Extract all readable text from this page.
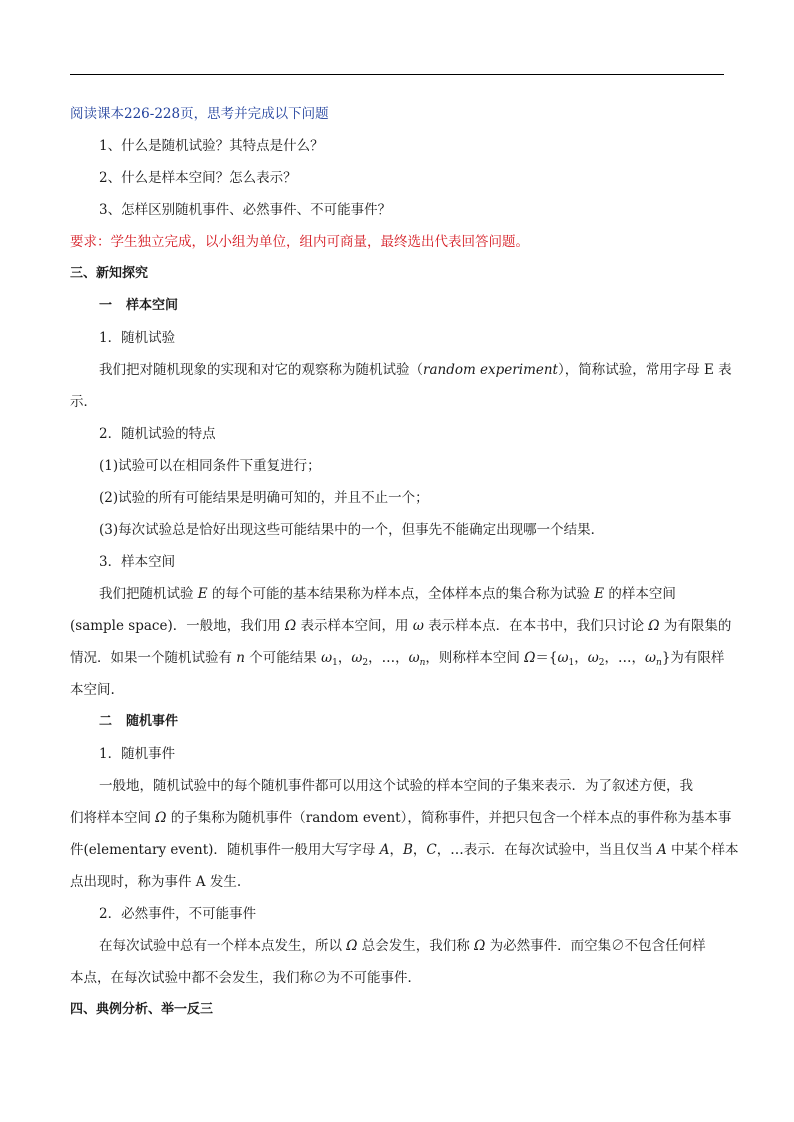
阅读课本226-228页，思考并完成以下问题
1、什么是随机试验？其特点是什么？
2、什么是样本空间？怎么表示？
3、怎样区别随机事件、必然事件、不可能事件？
要求：学生独立完成，以小组为单位，组内可商量，最终选出代表回答问题。
三、新知探究
一 样本空间
1．随机试验
我们把对随机现象的实现和对它的观察称为随机试验（random experiment），简称试验，常用字母 E 表
示．
2．随机试验的特点
(1)试验可以在相同条件下重复进行；
(2)试验的所有可能结果是明确可知的，并且不止一个；
(3)每次试验总是恰好出现这些可能结果中的一个，但事先不能确定出现哪一个结果．
3．样本空间
我们把随机试验 E 的每个可能的基本结果称为样本点，全体样本点的集合称为试验 E 的样本空间
(sample space)．一般地，我们用 Ω 表示样本空间，用 ω 表示样本点．在本书中，我们只讨论 Ω 为有限集的
情况．如果一个随机试验有 n 个可能结果 $\omega_1$，$\omega_2$，…，$\omega_n$，则称样本空间 $\Omega=\{\omega_1$，$\omega_2$，…，$\omega_n$}为有限样
本空间.
二 随机事件
1．随机事件
一般地，随机试验中的每个随机事件都可以用这个试验的样本空间的子集来表示．为了叙述方便，我
们将样本空间 Ω 的子集称为随机事件（random event），简称事件，并把只包含一个样本点的事件称为基本事
件(elementary event)．随机事件一般用大写字母 A，B，C，…表示．在每次试验中，当且仅当 A 中某个样本
点出现时，称为事件 A 发生.
2．必然事件，不可能事件
在每次试验中总有一个样本点发生，所以 Ω 总会发生，我们称 Ω 为必然事件．而空集∅不包含任何样
本点，在每次试验中都不会发生，我们称∅为不可能事件．
四、典例分析、举一反三
